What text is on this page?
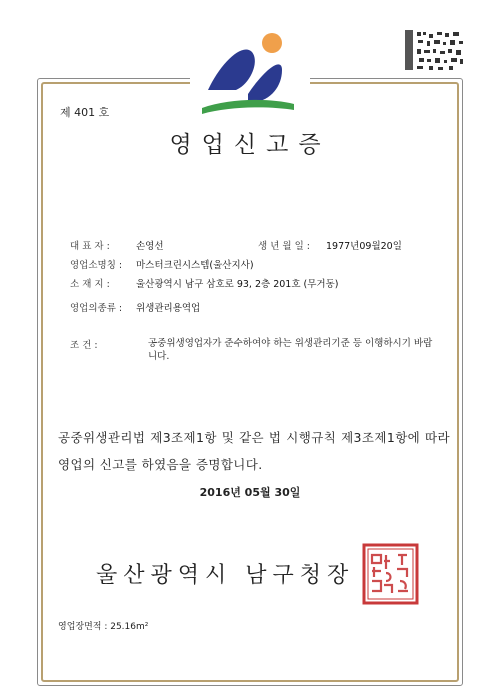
제 401 호
영업신고증
대 표 자 :	손영선	생 년 월 일 : 1977년09월20일
영업소명칭 : 마스터크린시스템(울산지사)
소 재 지 :	울산광역시 남구 삼호로 93, 2층 201호 (무거동)
영업의종류 : 위생관리용역업
조 건 :	공중위생영업자가 준수하여야 하는 위생관리기준 등 이행하시기 바랍니다.
공중위생관리법 제3조제1항 및 같은 법 시행규칙 제3조제1항에 따라 영업의 신고를 하였음을 증명합니다.
2016년 05월 30일
울산광역시 남구청장
영업장면적 : 25.16m²
